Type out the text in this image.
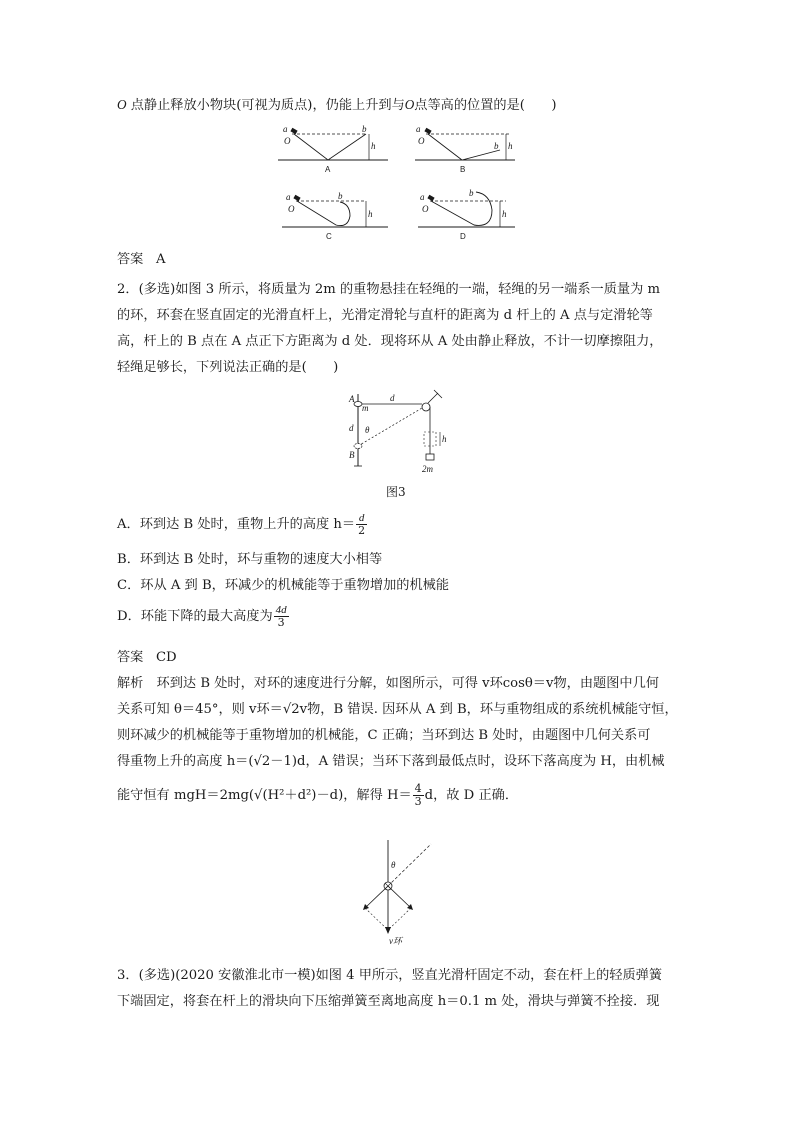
O 点静止释放小物块(可视为质点)，仍能上升到与O点等高的位置的是(　　)
a
O
b
h
A
a
O	b h
B
a
O
b
h
C
a
O
b
h
D
答案 A
2．(多选)如图 3 所示，将质量为 2m 的重物悬挂在轻绳的一端，轻绳的另一端系一质量为 m
的环，环套在竖直固定的光滑直杆上，光滑定滑轮与直杆的距离为 d 杆上的 A 点与定滑轮等
高，杆上的 B 点在 A 点正下方距离为 d 处．现将环从 A 处由静止释放，不计一切摩擦阻力，
轻绳足够长，下列说法正确的是(　　)
A
m
d
d θ
B
h
2m
图3
A．环到达 B 处时，重物上升的高度 $h= \frac{d}{2}$
B．环到达 B 处时，环与重物的速度大小相等
C．环从 A 到 B，环减少的机械能等于重物增加的机械能
D．环能下降的最大高度为 $\frac{4d}{3}$
答案 CD
解析　环到达 B 处时，对环的速度进行分解，如图所示，可得 v环cosθ＝v物，由题图中几何
关系可知 θ＝45°，则 v环＝√2v物，B 错误. 因环从 A 到 B，环与重物组成的系统机械能守恒，
则环减少的机械能等于重物增加的机械能，C 正确；当环到达 B 处时，由题图中几何关系可
得重物上升的高度 h＝(√2－1)d，A 错误；当环下落到最低点时，设环下落高度为 H，由机械
能守恒有 mgH＝2mg(√(H²＋d²)－d)，解得 $H= \frac{4}{3}$ d，故 D 正确．
θ
v环
3．(多选)(2020 安徽淮北市一模)如图 4 甲所示，竖直光滑杆固定不动，套在杆上的轻质弹簧
下端固定，将套在杆上的滑块向下压缩弹簧至离地高度 h＝0.1 m 处，滑块与弹簧不拴接．现
